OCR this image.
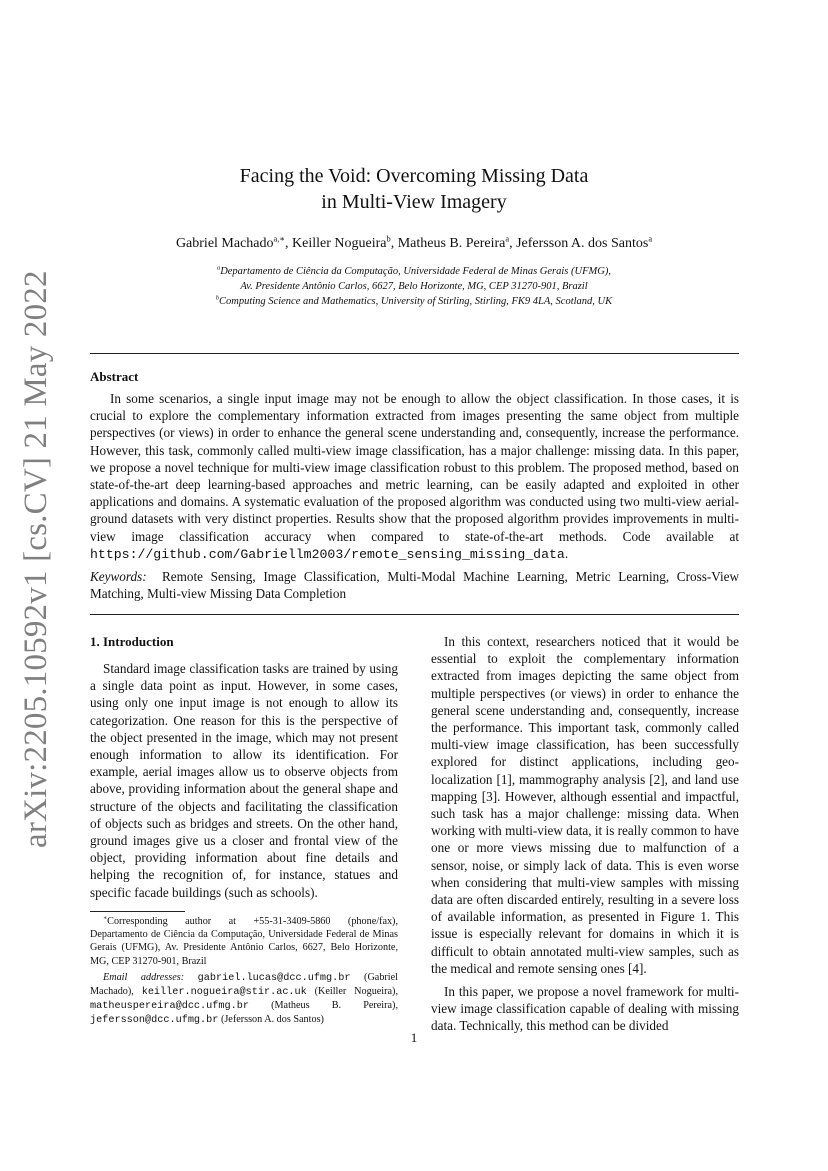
arXiv:2205.10592v1 [cs.CV] 21 May 2022
Facing the Void: Overcoming Missing Data
in Multi-View Imagery
Gabriel Machado$^{a,∗}$, Keiller Nogueira$^b$, Matheus B. Pereira$^a$, Jefersson A. dos Santos$^a$
$^a$Departamento de Ciência da Computação, Universidade Federal de Minas Gerais (UFMG),
Av. Presidente Antônio Carlos, 6627, Belo Horizonte, MG, CEP 31270-901, Brazil
$^b$Computing Science and Mathematics, University of Stirling, Stirling, FK9 4LA, Scotland, UK
Abstract
In some scenarios, a single input image may not be enough to allow the object classification. In those cases, it is crucial to explore the complementary information extracted from images presenting the same object from multiple perspectives (or views) in order to enhance the general scene understanding and, consequently, increase the performance. However, this task, commonly called multi-view image classification, has a major challenge: missing data. In this paper, we propose a novel technique for multi-view image classification robust to this problem. The proposed method, based on state-of-the-art deep learning-based approaches and metric learning, can be easily adapted and exploited in other applications and domains. A systematic evaluation of the proposed algorithm was conducted using two multi-view aerial-ground datasets with very distinct properties. Results show that the proposed algorithm provides improvements in multi-view image classification accuracy when compared to state-of-the-art methods. Code available at https://github.com/Gabriellm2003/remote_sensing_missing_data.
Keywords: Remote Sensing, Image Classification, Multi-Modal Machine Learning, Metric Learning, Cross-View Matching, Multi-view Missing Data Completion
1. Introduction

Standard image classification tasks are trained by using a single data point as input. However, in some cases, using only one input image is not enough to allow its categorization. One reason for this is the perspective of the object presented in the image, which may not present enough information to allow its identification. For example, aerial images allow us to observe objects from above, providing information about the general shape and structure of the objects and facilitating the classification of objects such as bridges and streets. On the other hand, ground images give us a closer and frontal view of the object, providing information about fine details and helping the recognition of, for instance, statues and specific facade buildings (such as schools).

In this context, researchers noticed that it would be essential to exploit the complementary information extracted from images depicting the same object from multiple perspectives (or views) in order to enhance the general scene understanding and, consequently, increase the performance. This important task, commonly called multi-view image classification, has been successfully explored for distinct applications, including geo-localization [1], mammography analysis [2], and land use mapping [3]. However, although essential and impactful, such task has a major challenge: missing data. When working with multi-view data, it is really common to have one or more views missing due to malfunction of a sensor, noise, or simply lack of data. This is even worse when considering that multi-view samples with missing data are often discarded entirely, resulting in a severe loss of available information, as presented in Figure 1. This issue is especially relevant for domains in which it is difficult to obtain annotated multi-view samples, such as the medical and remote sensing ones [4].

In this paper, we propose a novel framework for multi-view image classification capable of dealing with missing data. Technically, this method can be divided

∗Corresponding author at +55-31-3409-5860 (phone/fax), Departamento de Ciência da Computação, Universidade Federal de Minas Gerais (UFMG), Av. Presidente Antônio Carlos, 6627, Belo Horizonte, MG, CEP 31270-901, Brazil

Email addresses: gabriel.lucas@dcc.ufmg.br (Gabriel Machado), keiller.nogueira@stir.ac.uk (Keiller Nogueira), matheuspereira@dcc.ufmg.br (Matheus B. Pereira), jefersson@dcc.ufmg.br (Jefersson A. dos Santos)

1
